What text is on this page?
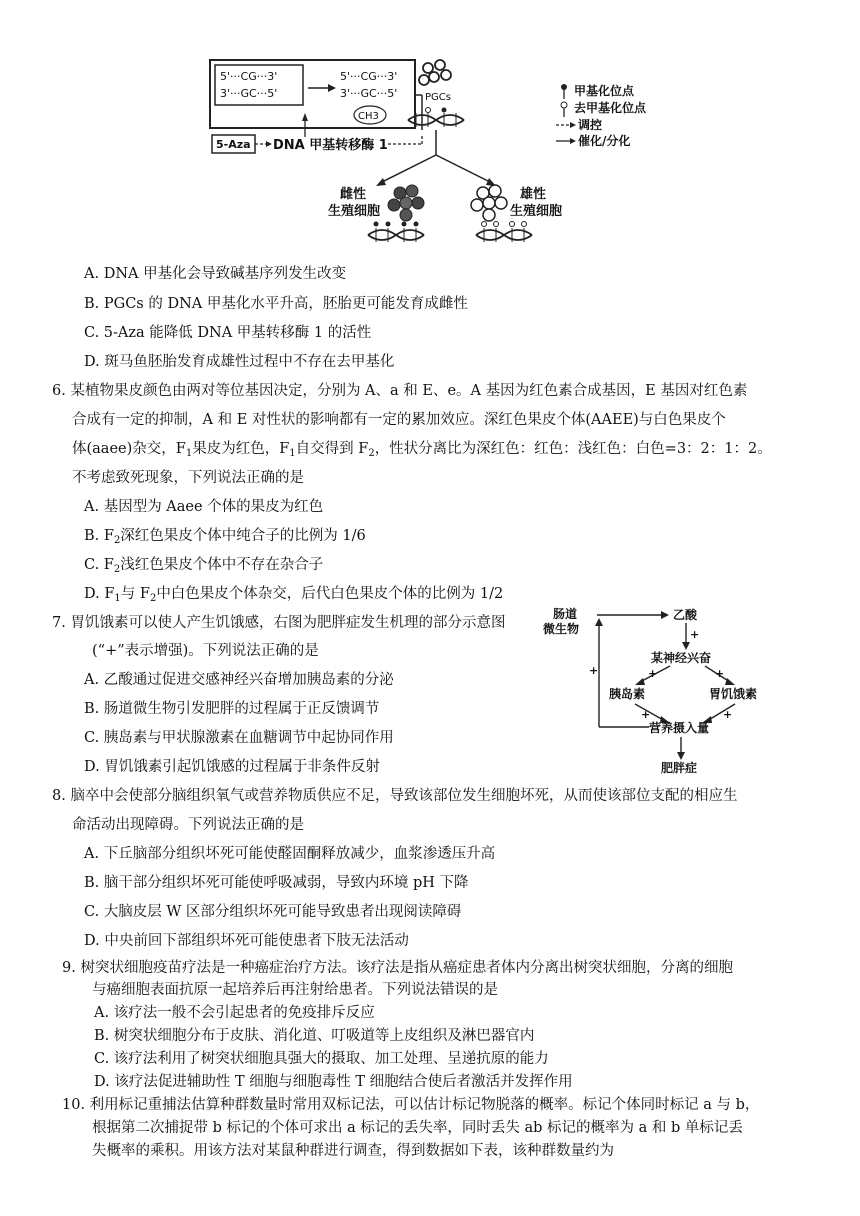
5'···CG···3'
3'···GC···5'
5'···CG···3'
3'···GC···5'
CH3
PGCs
5-Aza DNA 甲基转移酶 1
雌性
生殖细胞
雄性
生殖细胞
甲基化位点
去甲基化位点
调控
催化/分化
A. DNA 甲基化会导致碱基序列发生改变
B. PGCs 的 DNA 甲基化水平升高，胚胎更可能发育成雌性
C. 5-Aza 能降低 DNA 甲基转移酶 1 的活性
D. 斑马鱼胚胎发育成雄性过程中不存在去甲基化
6. 某植物果皮颜色由两对等位基因决定，分别为 A、a 和 E、e。A 基因为红色素合成基因，E 基因对红色素
合成有一定的抑制，A 和 E 对性状的影响都有一定的累加效应。深红色果皮个体(AAEE)与白色果皮个
体(aaee)杂交，$F_1$果皮为红色，$F_1$自交得到 $F_2$，性状分离比为深红色：红色：浅红色：白色=3：2：1：2。
不考虑致死现象，下列说法正确的是
A. 基因型为 Aaee 个体的果皮为红色
B. $F_2$深红色果皮个体中纯合子的比例为 1/6
C. $F_2$浅红色果皮个体中不存在杂合子
D. $F_1$与 $F_2$中白色果皮个体杂交，后代白色果皮个体的比例为 1/2
7. 胃饥饿素可以使人产生饥饿感，右图为肥胖症发生机理的部分示意图
(“+”表示增强)。下列说法正确的是
A. 乙酸通过促进交感神经兴奋增加胰岛素的分泌
B. 肠道微生物引发肥胖的过程属于正反馈调节
C. 胰岛素与甲状腺激素在血糖调节中起协同作用
D. 胃饥饿素引起饥饿感的过程属于非条件反射
肠道
微生物
乙酸
+
某神经兴奋
+	+
胰岛素	胃饥饿素
+	+
营养摄入量
+
肥胖症
8. 脑卒中会使部分脑组织氧气或营养物质供应不足，导致该部位发生细胞坏死，从而使该部位支配的相应生
命活动出现障碍。下列说法正确的是
A. 下丘脑部分组织坏死可能使醛固酮释放减少，血浆渗透压升高
B. 脑干部分组织坏死可能使呼吸减弱，导致内环境 pH 下降
C. 大脑皮层 W 区部分组织坏死可能导致患者出现阅读障碍
D. 中央前回下部组织坏死可能使患者下肢无法活动
9. 树突状细胞疫苗疗法是一种癌症治疗方法。该疗法是指从癌症患者体内分离出树突状细胞，分离的细胞
与癌细胞表面抗原一起培养后再注射给患者。下列说法错误的是
A. 该疗法一般不会引起患者的免疫排斥反应
B. 树突状细胞分布于皮肤、消化道、叮吸道等上皮组织及淋巴器官内
C. 该疗法利用了树突状细胞具强大的摄取、加工处理、呈递抗原的能力
D. 该疗法促进辅助性 T 细胞与细胞毒性 T 细胞结合使后者激活并发挥作用
10. 利用标记重捕法估算种群数量时常用双标记法，可以估计标记物脱落的概率。标记个体同时标记 a 与 b，
根据第二次捕捉带 b 标记的个体可求出 a 标记的丢失率，同时丢失 ab 标记的概率为 a 和 b 单标记丢
失概率的乘积。用该方法对某鼠种群进行调查，得到数据如下表，该种群数量约为
